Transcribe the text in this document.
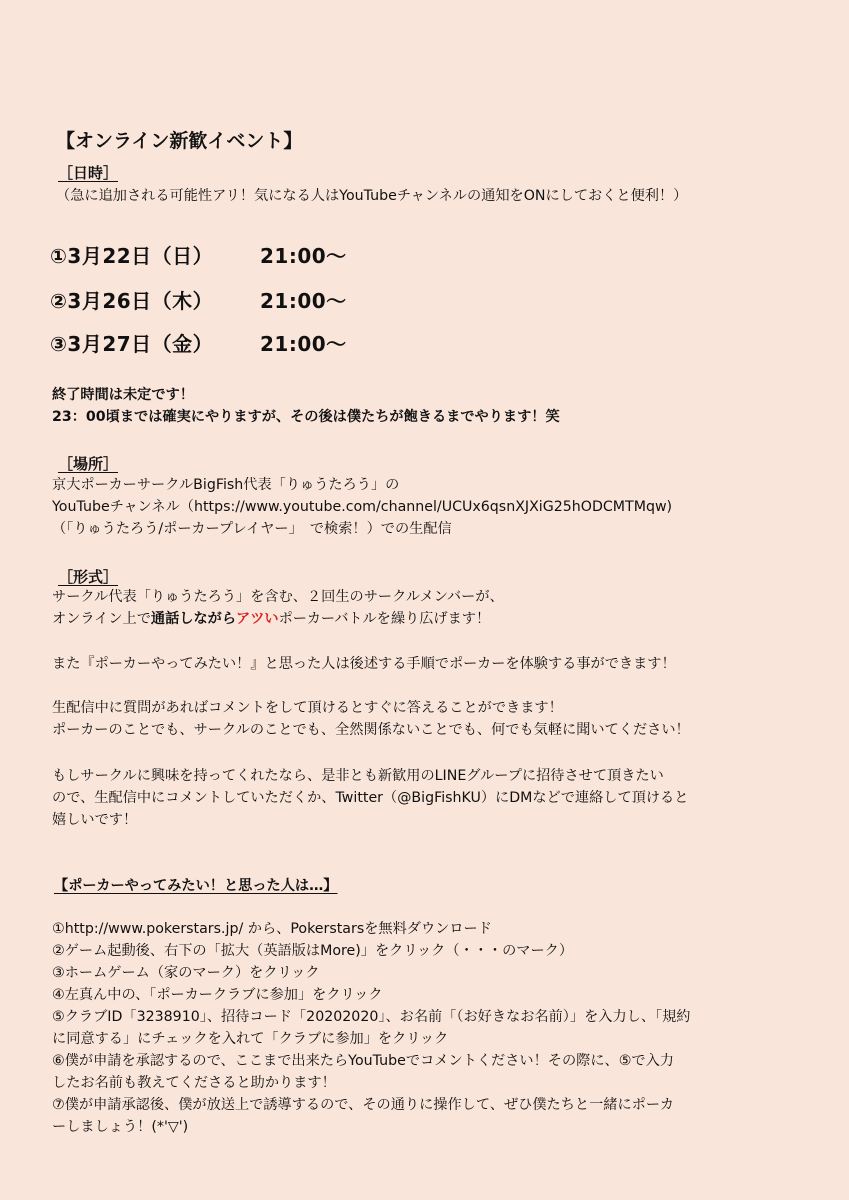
【オンライン新歓イベント】

［日時］

（急に追加される可能性アリ！気になる人はYouTubeチャンネルの通知をONにしておくと便利！）

①3月22日（日） 21:00〜
②3月26日（木） 21:00〜
③3月27日（金） 21:00〜

終了時間は未定です！

23：00頃までは確実にやりますが、その後は僕たちが飽きるまでやります！笑

［場所］

京大ポーカーサークルBigFish代表「りゅうたろう」の

YouTubeチャンネル（https://www.youtube.com/channel/UCUx6qsnXJXiG25hODCMTMqw)

（「りゅうたろう/ポーカープレイヤー」　で検索！）での生配信

［形式］

サークル代表「りゅうたろう」を含む、２回生のサークルメンバーが、

オンライン上で通話しながらアツいポーカーバトルを繰り広げます！

また『ポーカーやってみたい！』と思った人は後述する手順でポーカーを体験する事ができます！

生配信中に質問があればコメントをして頂けるとすぐに答えることができます！

ポーカーのことでも、サークルのことでも、全然関係ないことでも、何でも気軽に聞いてください！

もしサークルに興味を持ってくれたなら、是非とも新歓用のLINEグループに招待させて頂きたい

ので、生配信中にコメントしていただくか、Twitter（@BigFishKU）にDMなどで連絡して頂けると

嬉しいです！

【ポーカーやってみたい！と思った人は…】

①http://www.pokerstars.jp/ から、Pokerstarsを無料ダウンロード

②ゲーム起動後、右下の「拡大（英語版はMore)」をクリック（・・・のマーク）

③ホームゲーム（家のマーク）をクリック

④左真ん中の、「ポーカークラブに参加」をクリック

⑤クラブID「3238910」、招待コード「20202020」、お名前「（お好きなお名前）」を入力し、「規約

に同意する」にチェックを入れて「クラブに参加」をクリック

⑥僕が申請を承認するので、ここまで出来たらYouTubeでコメントください！その際に、⑤で入力

したお名前も教えてくださると助かります！

⑦僕が申請承認後、僕が放送上で誘導するので、その通りに操作して、ぜひ僕たちと一緒にポーカ

ーしましょう！(*'▽')
